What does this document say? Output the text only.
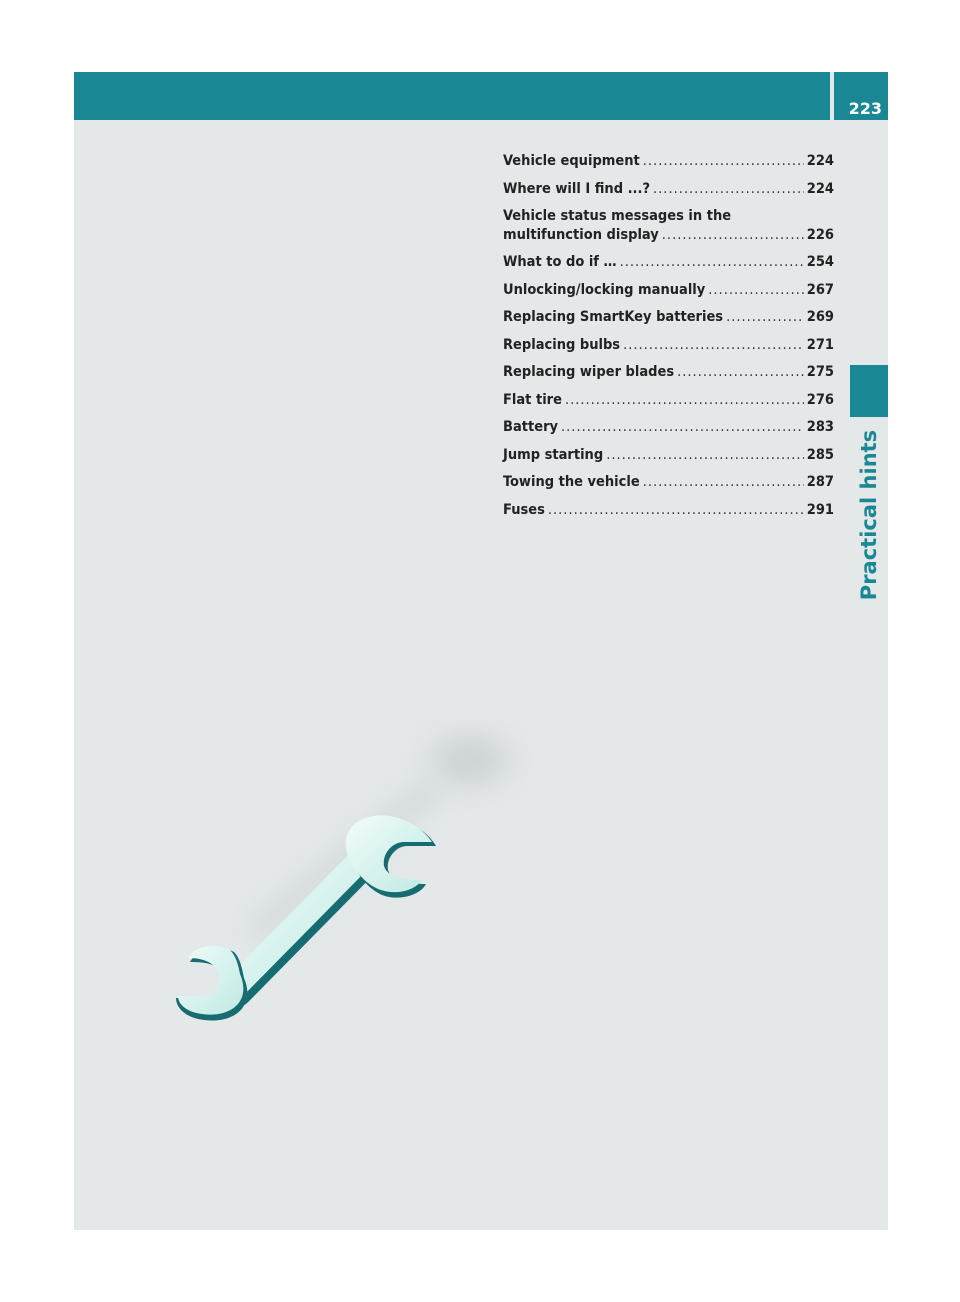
223
Practical hints
Vehicle equipment .....	224
Where will I find ...? .....	224
Vehicle status messages in the
multifunction display .....	226
What to do if … .....	254
Unlocking/locking manually .....	267
Replacing SmartKey batteries .....	269
Replacing bulbs .....	271
Replacing wiper blades .....	275
Flat tire .....	276
Battery .....	283
Jump starting .....	285
Towing the vehicle .....	287
Fuses .....	291
